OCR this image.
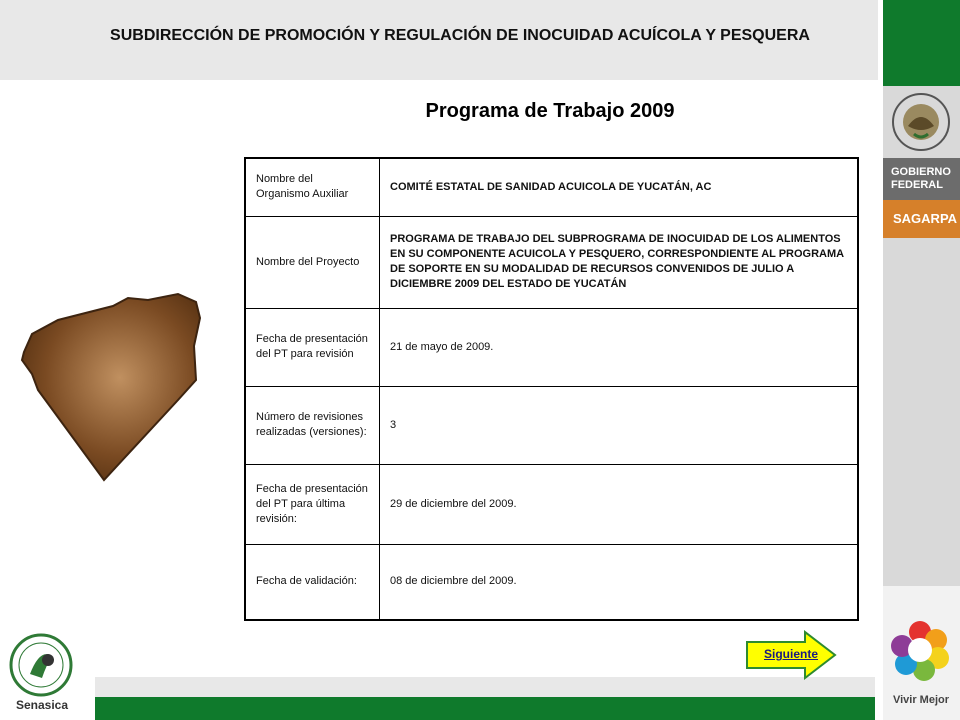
SUBDIRECCIÓN DE PROMOCIÓN Y REGULACIÓN DE INOCUIDAD ACUÍCOLA Y PESQUERA
Programa de Trabajo 2009
GOBIERNO
FEDERAL
SAGARPA
Vivir Mejor
Senasica
Nombre del Organismo Auxiliar	COMITÉ ESTATAL DE SANIDAD ACUICOLA DE YUCATÁN, AC
Nombre del Proyecto	PROGRAMA DE TRABAJO DEL SUBPROGRAMA DE INOCUIDAD DE LOS ALIMENTOS EN SU COMPONENTE ACUICOLA Y PESQUERO, CORRESPONDIENTE AL PROGRAMA DE SOPORTE EN SU MODALIDAD DE RECURSOS CONVENIDOS DE JULIO A DICIEMBRE 2009 DEL ESTADO DE YUCATÁN
Fecha de presentación del PT para revisión	21 de mayo de 2009.
Número de revisiones realizadas (versiones):	3
Fecha de presentación del PT para última revisión:	29 de diciembre del 2009.
Fecha de validación:	08 de diciembre del 2009.
Siguiente
